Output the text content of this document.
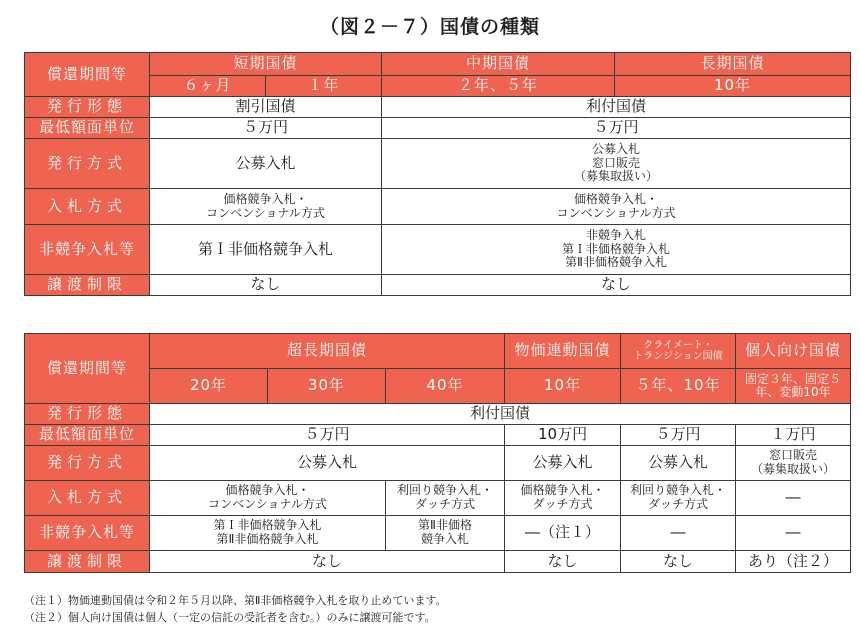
（図２－７）国債の種類
償還期間等	短期国債		中期国債	長期国債
	６ヶ月	１年	２年、５年	10年
発行形態	割引国債		利付国債	
最低額面単位	５万円		５万円	
発行方式	公募入札		公募入札
窓口販売
（募集取扱い）	
入札方式	価格競争入札・
コンベンショナル方式		価格競争入札・
コンベンショナル方式	
非競争入札等	第Ｉ非価格競争入札		非競争入札
第Ｉ非価格競争入札
第Ⅱ非価格競争入札	
譲渡制限	なし		なし	
償還期間等	超長期国債			物価連動国債	クライメート・
トランジション国債	個人向け国債
	20年	30年	40年	10年	５年、10年	固定３年、固定５年、変動10年
発行形態	利付国債					
最低額面単位	５万円			10万円	５万円	１万円
発行方式	公募入札			公募入札	公募入札	窓口販売
（募集取扱い）
入札方式	価格競争入札・
コンベンショナル方式		利回り競争入札・
ダッチ方式	価格競争入札・
ダッチ方式	利回り競争入札・
ダッチ方式	―
非競争入札等	第Ｉ非価格競争入札
第Ⅱ非価格競争入札		第Ⅱ非価格
競争入札	―（注１）	―	―
譲渡制限	なし			なし	なし	あり（注２）
（注１）物価連動国債は令和２年５月以降、第Ⅱ非価格競争入札を取り止めています。
（注２）個人向け国債は個人（一定の信託の受託者を含む。）のみに譲渡可能です。
